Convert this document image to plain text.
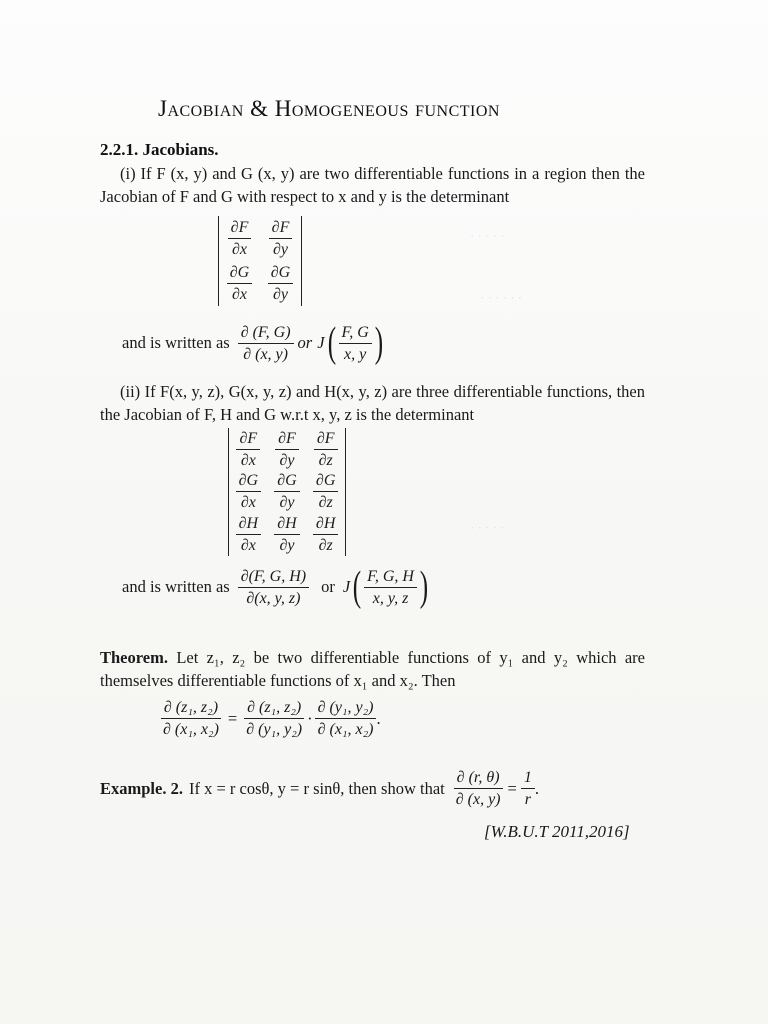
· · · · ·
· · · · · ·
· · · · ·
Jacobian & Homogeneous function
2.2.1. Jacobians.
(i) If F (x, y) and G (x, y) are two differentiable functions in a region then the Jacobian of F and G with respect to x and y is the determinant
$\frac{\partial F}{\partial x} \frac{\partial F}{\partial y}$
$\frac{\partial G}{\partial x} \frac{\partial G}{\partial y}$
and is written as $\frac{\partial (F, G)}{\partial (x, y)}$ or J ( $\frac{F, G}{x, y}$ )
(ii) If F(x, y, z), G(x, y, z) and H(x, y, z) are three differentiable functions, then the Jacobian of F, H and G w.r.t x, y, z is the determinant
$\frac{\partial F}{\partial x} \frac{\partial F}{\partial y} \frac{\partial F}{\partial z}$
$\frac{\partial G}{\partial x} \frac{\partial G}{\partial y} \frac{\partial G}{\partial z}$
$\frac{\partial H}{\partial x} \frac{\partial H}{\partial y} \frac{\partial H}{\partial z}$
and is written as $\frac{\partial(F, G, H)}{\partial(x, y, z)}$ or J ( $\frac{F, G, H}{x, y, z}$ )
Theorem. Let z₁, z₂ be two differentiable functions of y₁ and y₂ which are themselves differentiable functions of x₁ and x₂. Then
$\frac{\text{∂ (z₁, z₂)}}{\text{∂ (x₁, x₂)}} = \frac{\text{∂ (z₁, z₂)}}{\text{∂ (y₁, y₂)}} \cdot \frac{\text{∂ (y₁, y₂)}}{\text{∂ (x₁, x₂)}}$ .
Example. 2. If x = r cosθ, y = r sinθ, then show that $\frac{\partial (r, \theta)}{\partial (x, y)} = \frac{1}{r}$ .
[W.B.U.T 2011,2016]
